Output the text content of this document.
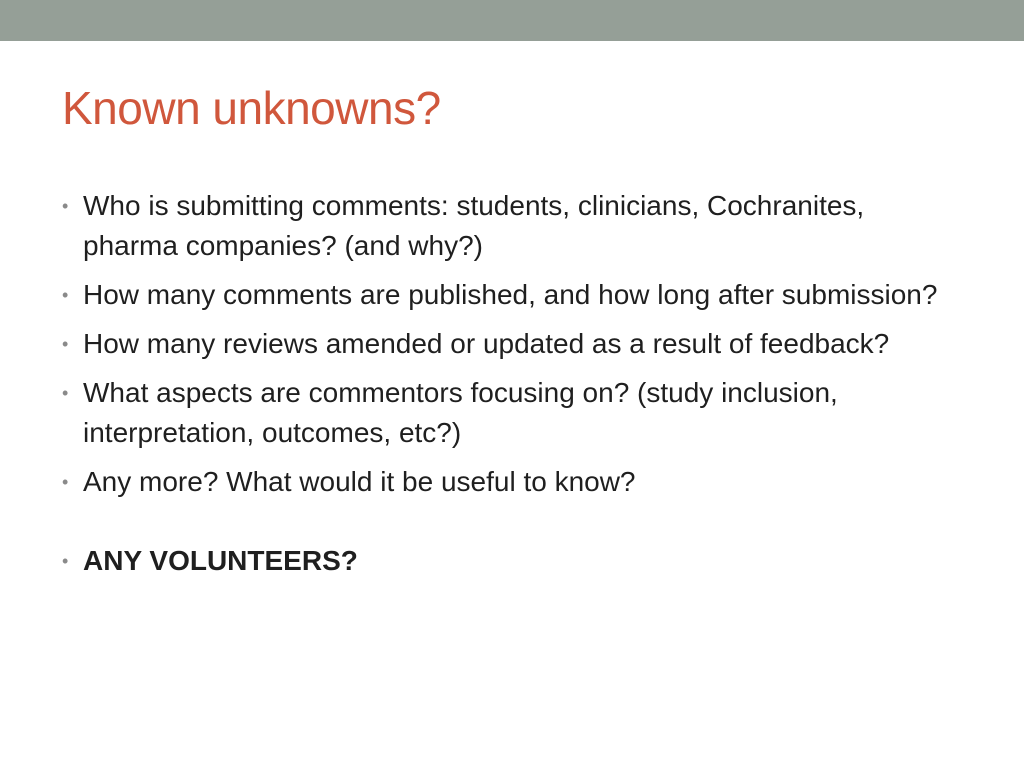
Known unknowns?
• Who is submitting comments: students, clinicians, Cochranites, pharma companies? (and why?)
• How many comments are published, and how long after submission?
• How many reviews amended or updated as a result of feedback?
• What aspects are commentors focusing on? (study inclusion, interpretation, outcomes, etc?)
• Any more? What would it be useful to know?
• ANY VOLUNTEERS?
